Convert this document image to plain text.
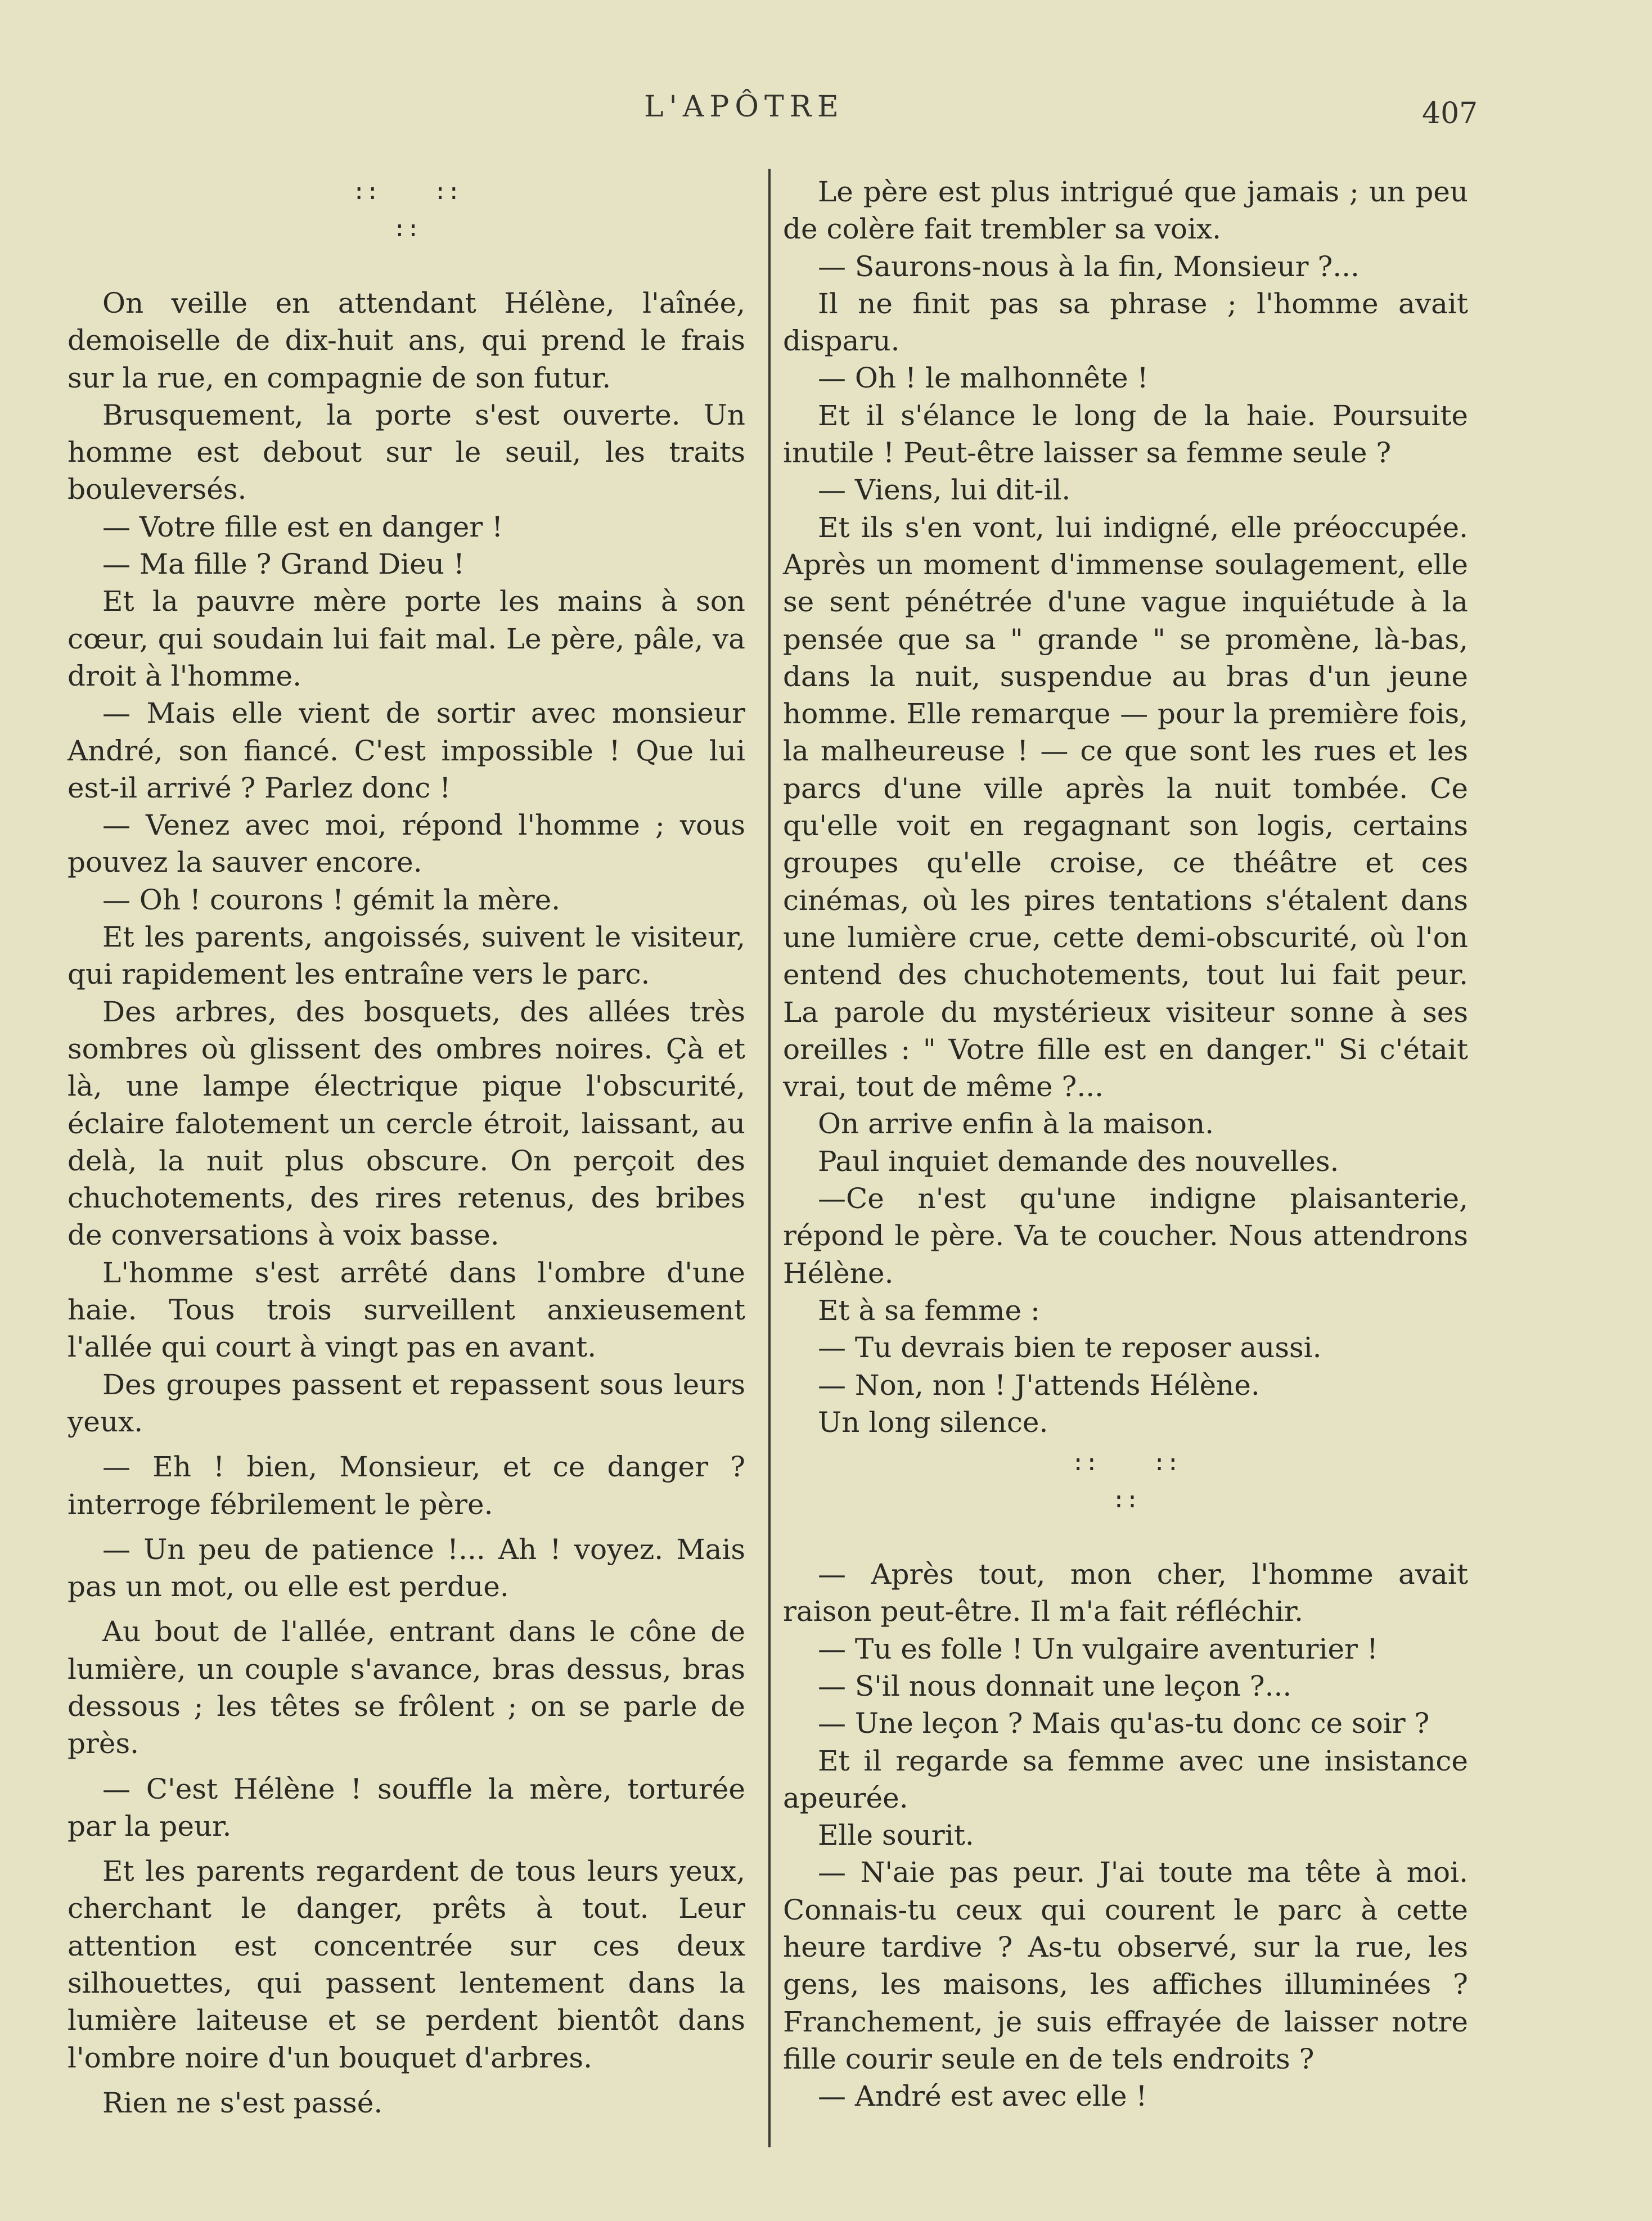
L'APÔTRE	407
::    ::
::

On veille en attendant Hélène, l'aînée, demoiselle de dix-huit ans, qui prend le frais sur la rue, en compagnie de son futur.

Brusquement, la porte s'est ouverte. Un homme est debout sur le seuil, les traits bouleversés.

— Votre fille est en danger !

— Ma fille ? Grand Dieu !

Et la pauvre mère porte les mains à son cœur, qui soudain lui fait mal. Le père, pâle, va droit à l'homme.

— Mais elle vient de sortir avec monsieur André, son fiancé. C'est impossible ! Que lui est-il arrivé ? Parlez donc !

— Venez avec moi, répond l'homme ; vous pouvez la sauver encore.

— Oh ! courons ! gémit la mère.

Et les parents, angoissés, suivent le visiteur, qui rapidement les entraîne vers le parc.

Des arbres, des bosquets, des allées très sombres où glissent des ombres noires. Çà et là, une lampe électrique pique l'obscurité, éclaire falotement un cercle étroit, laissant, au delà, la nuit plus obscure. On perçoit des chuchotements, des rires retenus, des bribes de conversations à voix basse.

L'homme s'est arrêté dans l'ombre d'une haie. Tous trois surveillent anxieusement l'allée qui court à vingt pas en avant.

Des groupes passent et repassent sous leurs yeux.

— Eh ! bien, Monsieur, et ce danger ? interroge fébrilement le père.

— Un peu de patience !... Ah ! voyez. Mais pas un mot, ou elle est perdue.

Au bout de l'allée, entrant dans le cône de lumière, un couple s'avance, bras dessus, bras dessous ; les têtes se frôlent ; on se parle de près.

— C'est Hélène ! souffle la mère, torturée par la peur.

Et les parents regardent de tous leurs yeux, cherchant le danger, prêts à tout. Leur attention est concentrée sur ces deux silhouettes, qui passent lentement dans la lumière laiteuse et se perdent bientôt dans l'ombre noire d'un bouquet d'arbres.

Rien ne s'est passé.

Le père est plus intrigué que jamais ; un peu de colère fait trembler sa voix.

— Saurons-nous à la fin, Monsieur ?...

Il ne finit pas sa phrase ; l'homme avait disparu.

— Oh ! le malhonnête !

Et il s'élance le long de la haie. Poursuite inutile ! Peut-être laisser sa femme seule ?

— Viens, lui dit-il.

Et ils s'en vont, lui indigné, elle préoccupée. Après un moment d'immense soulagement, elle se sent pénétrée d'une vague inquiétude à la pensée que sa " grande " se promène, là-bas, dans la nuit, suspendue au bras d'un jeune homme. Elle remarque — pour la première fois, la malheureuse ! — ce que sont les rues et les parcs d'une ville après la nuit tombée. Ce qu'elle voit en regagnant son logis, certains groupes qu'elle croise, ce théâtre et ces cinémas, où les pires tentations s'étalent dans une lumière crue, cette demi-obscurité, où l'on entend des chuchotements, tout lui fait peur. La parole du mystérieux visiteur sonne à ses oreilles : " Votre fille est en danger." Si c'était vrai, tout de même ?...

On arrive enfin à la maison.

Paul inquiet demande des nouvelles.

—Ce n'est qu'une indigne plaisanterie, répond le père. Va te coucher. Nous attendrons Hélène.

Et à sa femme :

— Tu devrais bien te reposer aussi.

— Non, non ! J'attends Hélène.

Un long silence.

::    ::
::

— Après tout, mon cher, l'homme avait raison peut-être. Il m'a fait réfléchir.

— Tu es folle ! Un vulgaire aventurier !

— S'il nous donnait une leçon ?...

— Une leçon ? Mais qu'as-tu donc ce soir ?

Et il regarde sa femme avec une insistance apeurée.

Elle sourit.

— N'aie pas peur. J'ai toute ma tête à moi. Connais-tu ceux qui courent le parc à cette heure tardive ? As-tu observé, sur la rue, les gens, les maisons, les affiches illuminées ? Franchement, je suis effrayée de laisser notre fille courir seule en de tels endroits ?

— André est avec elle !
